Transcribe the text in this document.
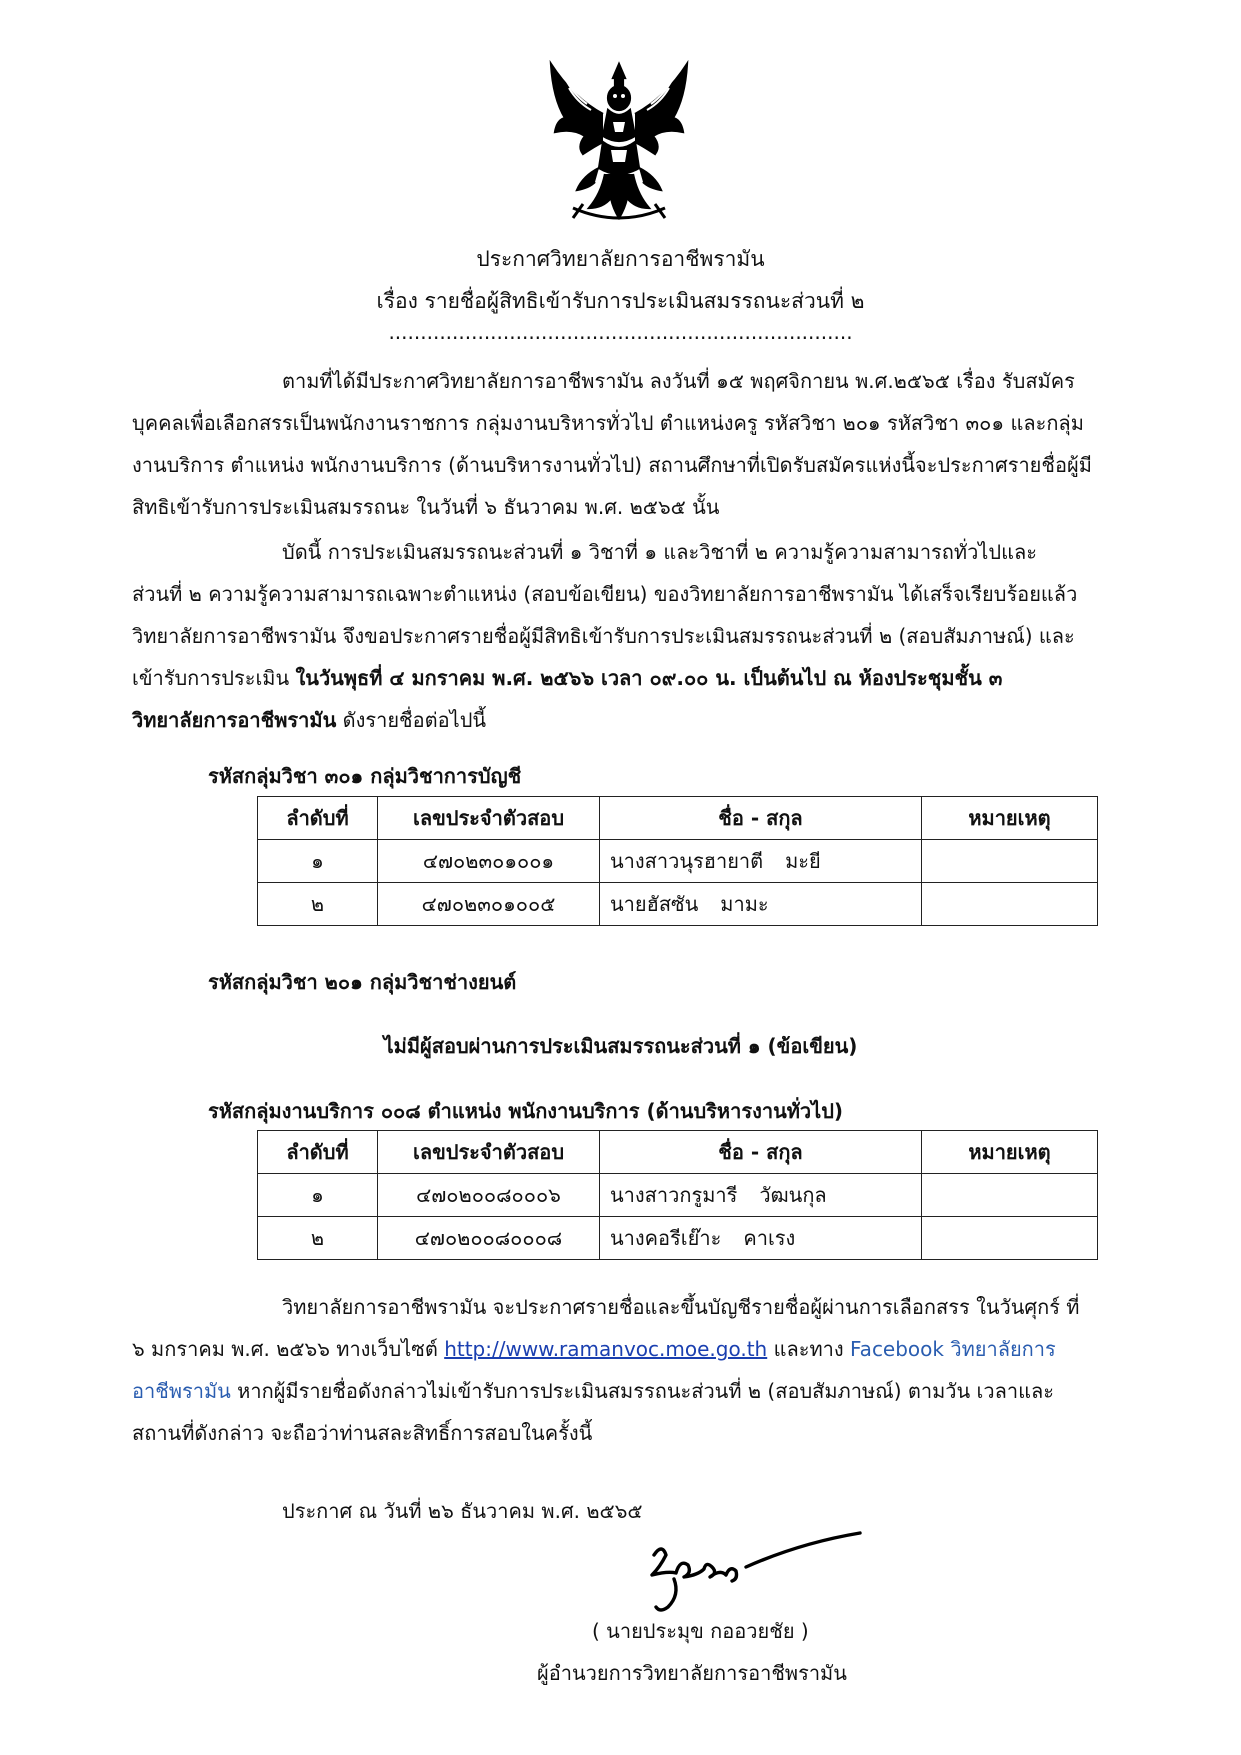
ประกาศวิทยาลัยการอาชีพรามัน
เรื่อง รายชื่อผู้สิทธิเข้ารับการประเมินสมรรถนะส่วนที่ ๒
.........................................................................
ตามที่ได้มีประกาศวิทยาลัยการอาชีพรามัน ลงวันที่ ๑๕ พฤศจิกายน พ.ศ.๒๕๖๕ เรื่อง รับสมัคร
บุคคลเพื่อเลือกสรรเป็นพนักงานราชการ กลุ่มงานบริหารทั่วไป ตำแหน่งครู รหัสวิชา ๒๐๑ รหัสวิชา ๓๐๑ และกลุ่ม
งานบริการ ตำแหน่ง พนักงานบริการ (ด้านบริหารงานทั่วไป) สถานศึกษาที่เปิดรับสมัครแห่งนี้จะประกาศรายชื่อผู้มี
สิทธิเข้ารับการประเมินสมรรถนะ ในวันที่ ๖ ธันวาคม พ.ศ. ๒๕๖๕ นั้น
บัดนี้ การประเมินสมรรถนะส่วนที่ ๑ วิชาที่ ๑ และวิชาที่ ๒ ความรู้ความสามารถทั่วไปและ
ส่วนที่ ๒ ความรู้ความสามารถเฉพาะตำแหน่ง (สอบข้อเขียน) ของวิทยาลัยการอาชีพรามัน ได้เสร็จเรียบร้อยแล้ว
วิทยาลัยการอาชีพรามัน จึงขอประกาศรายชื่อผู้มีสิทธิเข้ารับการประเมินสมรรถนะส่วนที่ ๒ (สอบสัมภาษณ์) และ
เข้ารับการประเมิน ในวันพุธที่ ๔ มกราคม พ.ศ. ๒๕๖๖ เวลา ๐๙.๐๐ น. เป็นต้นไป ณ ห้องประชุมชั้น ๓
วิทยาลัยการอาชีพรามัน ดังรายชื่อต่อไปนี้
รหัสกลุ่มวิชา ๓๐๑ กลุ่มวิชาการบัญชี
ลำดับที่	เลขประจำตัวสอบ	ชื่อ - สกุล	หมายเหตุ
๑	๔๗๐๒๓๐๑๐๐๑	นางสาวนุรฮายาตี มะยี	
๒	๔๗๐๒๓๐๑๐๐๕	นายฮัสซัน มามะ	
รหัสกลุ่มวิชา ๒๐๑ กลุ่มวิชาช่างยนต์
ไม่มีผู้สอบผ่านการประเมินสมรรถนะส่วนที่ ๑ (ข้อเขียน)
รหัสกลุ่มงานบริการ ๐๐๘ ตำแหน่ง พนักงานบริการ (ด้านบริหารงานทั่วไป)
ลำดับที่	เลขประจำตัวสอบ	ชื่อ - สกุล	หมายเหตุ
๑	๔๗๐๒๐๐๘๐๐๐๖	นางสาวกรูมารี วัฒนกุล	
๒	๔๗๐๒๐๐๘๐๐๐๘	นางคอรีเย๊าะ คาเรง	
วิทยาลัยการอาชีพรามัน จะประกาศรายชื่อและขึ้นบัญชีรายชื่อผู้ผ่านการเลือกสรร ในวันศุกร์ ที่
๖ มกราคม พ.ศ. ๒๕๖๖ ทางเว็บไซต์ http://www.ramanvoc.moe.go.th และทาง Facebook วิทยาลัยการ
อาชีพรามัน หากผู้มีรายชื่อดังกล่าวไม่เข้ารับการประเมินสมรรถนะส่วนที่ ๒ (สอบสัมภาษณ์) ตามวัน เวลาและ
สถานที่ดังกล่าว จะถือว่าท่านสละสิทธิ์การสอบในครั้งนี้
ประกาศ ณ วันที่ ๒๖ ธันวาคม พ.ศ. ๒๕๖๕
( นายประมุข กออวยชัย )
ผู้อำนวยการวิทยาลัยการอาชีพรามัน
